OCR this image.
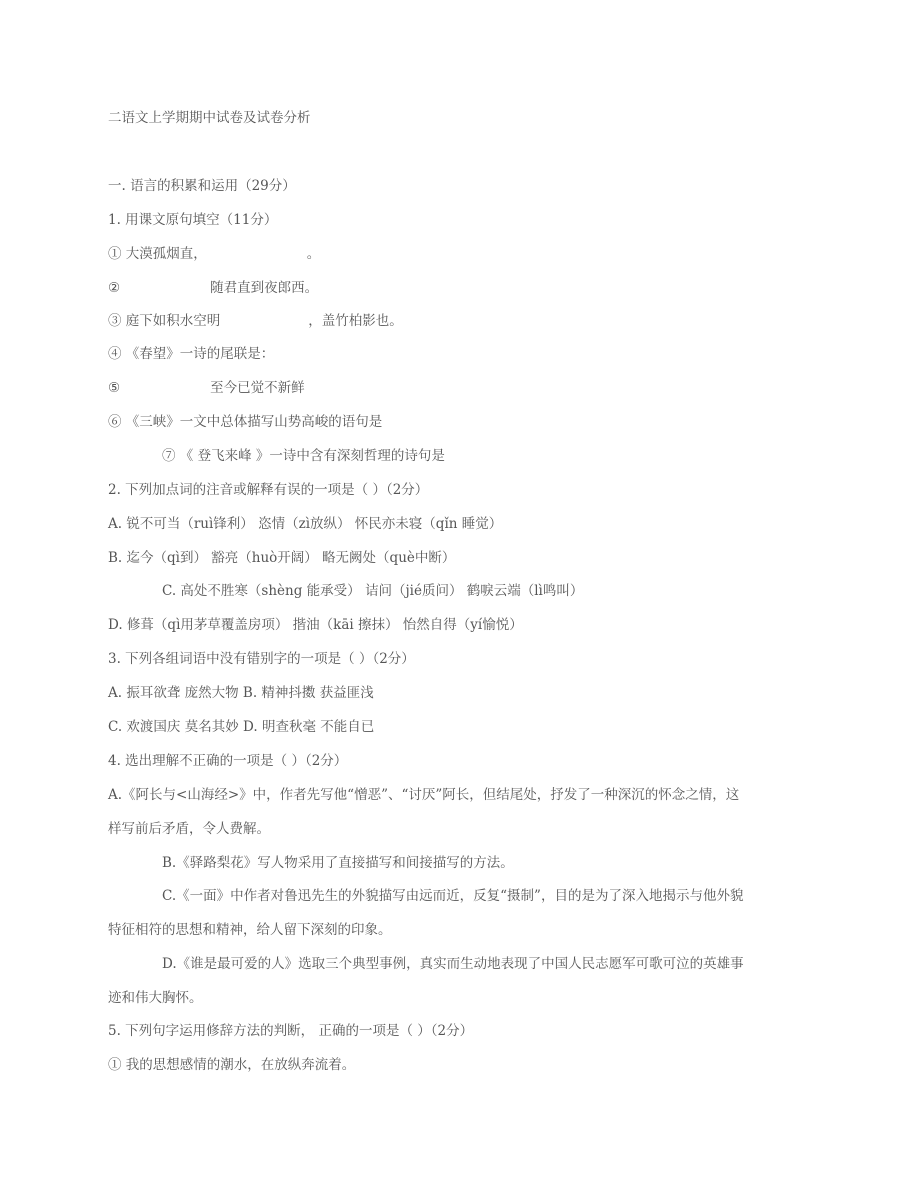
二语文上学期期中试卷及试卷分析
一. 语言的积累和运用（29分）
1. 用课文原句填空（11分）
① 大漠孤烟直，	。
②	随君直到夜郎西。
③ 庭下如积水空明	，盖竹柏影也。
④ 《春望》一诗的尾联是：
⑤	至今已觉不新鲜
⑥ 《三峡》一文中总体描写山势高峻的语句是
⑦ 《 登飞来峰 》一诗中含有深刻哲理的诗句是
2. 下列加点词的注音或解释有误的一项是（ ）（2分）
A. 锐不可当（ruì锋利） 恣情（zì放纵） 怀民亦未寝（qǐn 睡觉）
B. 迄今（qì到） 豁亮（huò开阔） 略无阙处（què中断）
C. 高处不胜寒（shèng 能承受） 诘问（jié质问） 鹤唳云端（lì鸣叫）
D. 修葺（qì用茅草覆盖房项） 揩油（kāi 擦抹） 怡然自得（yí愉悦）
3. 下列各组词语中没有错别字的一项是（ ）（2分）
A. 振耳欲聋 庞然大物 B. 精神抖擞 获益匪浅
C. 欢渡国庆 莫名其妙 D. 明查秋毫 不能自已
4. 选出理解不正确的一项是（ ）（2分）
A.《阿长与<山海经>》中，作者先写他“憎恶”、“讨厌”阿长，但结尾处，抒发了一种深沉的怀念之情，这
样写前后矛盾，令人费解。
B.《驿路梨花》写人物采用了直接描写和间接描写的方法。
C.《一面》中作者对鲁迅先生的外貌描写由远而近，反复“摄制”，目的是为了深入地揭示与他外貌
特征相符的思想和精神，给人留下深刻的印象。
D.《谁是最可爱的人》选取三个典型事例，真实而生动地表现了中国人民志愿军可歌可泣的英雄事
迹和伟大胸怀。
5. 下列句字运用修辞方法的判断， 正确的一项是（ ）（2分）
① 我的思想感情的潮水，在放纵奔流着。
